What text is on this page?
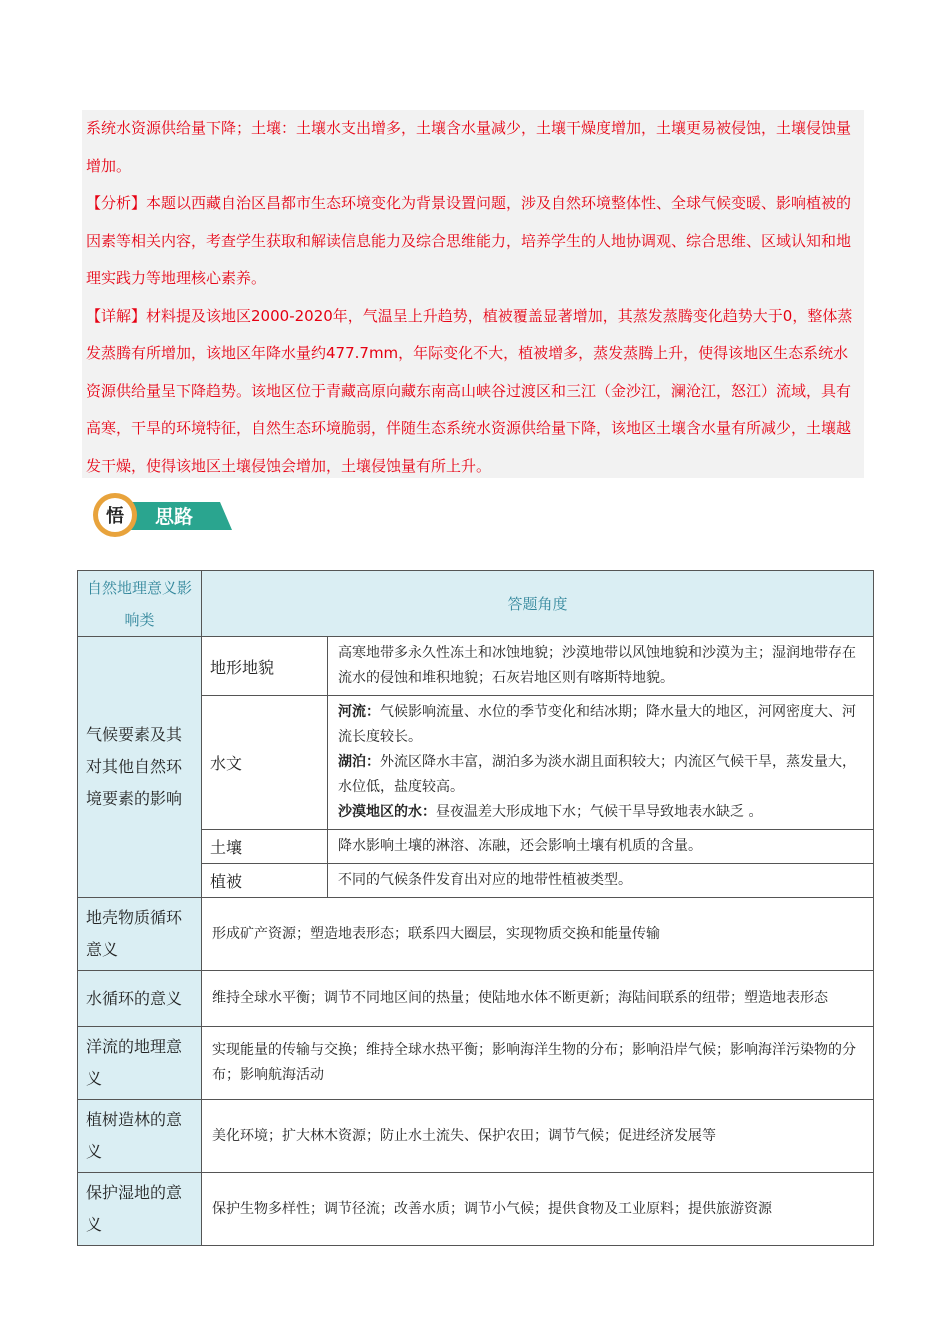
系统水资源供给量下降；土壤：土壤水支出增多，土壤含水量减少，土壤干燥度增加，土壤更易被侵蚀，土壤侵蚀量增加。

【分析】本题以西藏自治区昌都市生态环境变化为背景设置问题，涉及自然环境整体性、全球气候变暖、影响植被的因素等相关内容，考查学生获取和解读信息能力及综合思维能力，培养学生的人地协调观、综合思维、区域认知和地理实践力等地理核心素养。

【详解】材料提及该地区2000-2020年，气温呈上升趋势，植被覆盖显著增加，其蒸发蒸腾变化趋势大于0，整体蒸发蒸腾有所增加，该地区年降水量约477.7mm，年际变化不大，植被增多，蒸发蒸腾上升，使得该地区生态系统水资源供给量呈下降趋势。该地区位于青藏高原向藏东南高山峡谷过渡区和三江（金沙江，澜沧江，怒江）流域，具有高寒，干旱的环境特征，自然生态环境脆弱，伴随生态系统水资源供给量下降，该地区土壤含水量有所减少，土壤越发干燥，使得该地区土壤侵蚀会增加，土壤侵蚀量有所上升。

悟 思路
自然地理意义影响类	答题角度	
气候要素及其对其他自然环境要素的影响	地形地貌	高寒地带多永久性冻土和冰蚀地貌；沙漠地带以风蚀地貌和沙漠为主；湿润地带存在流水的侵蚀和堆积地貌；石灰岩地区则有喀斯特地貌。
	水文	河流：气候影响流量、水位的季节变化和结冰期；降水量大的地区，河网密度大、河流长度较长。
湖泊：外流区降水丰富，湖泊多为淡水湖且面积较大；内流区气候干旱，蒸发量大，水位低，盐度较高。
沙漠地区的水：昼夜温差大形成地下水；气候干旱导致地表水缺乏 。
	土壤	降水影响土壤的淋溶、冻融，还会影响土壤有机质的含量。
	植被	不同的气候条件发育出对应的地带性植被类型。
地壳物质循环意义	形成矿产资源；塑造地表形态；联系四大圈层，实现物质交换和能量传输	
水循环的意义	维持全球水平衡；调节不同地区间的热量；使陆地水体不断更新；海陆间联系的纽带；塑造地表形态	
洋流的地理意义	实现能量的传输与交换；维持全球水热平衡；影响海洋生物的分布；影响沿岸气候；影响海洋污染物的分布；影响航海活动	
植树造林的意义	美化环境；扩大林木资源；防止水土流失、保护农田；调节气候；促进经济发展等	
保护湿地的意义	保护生物多样性；调节径流；改善水质；调节小气候；提供食物及工业原料；提供旅游资源	
